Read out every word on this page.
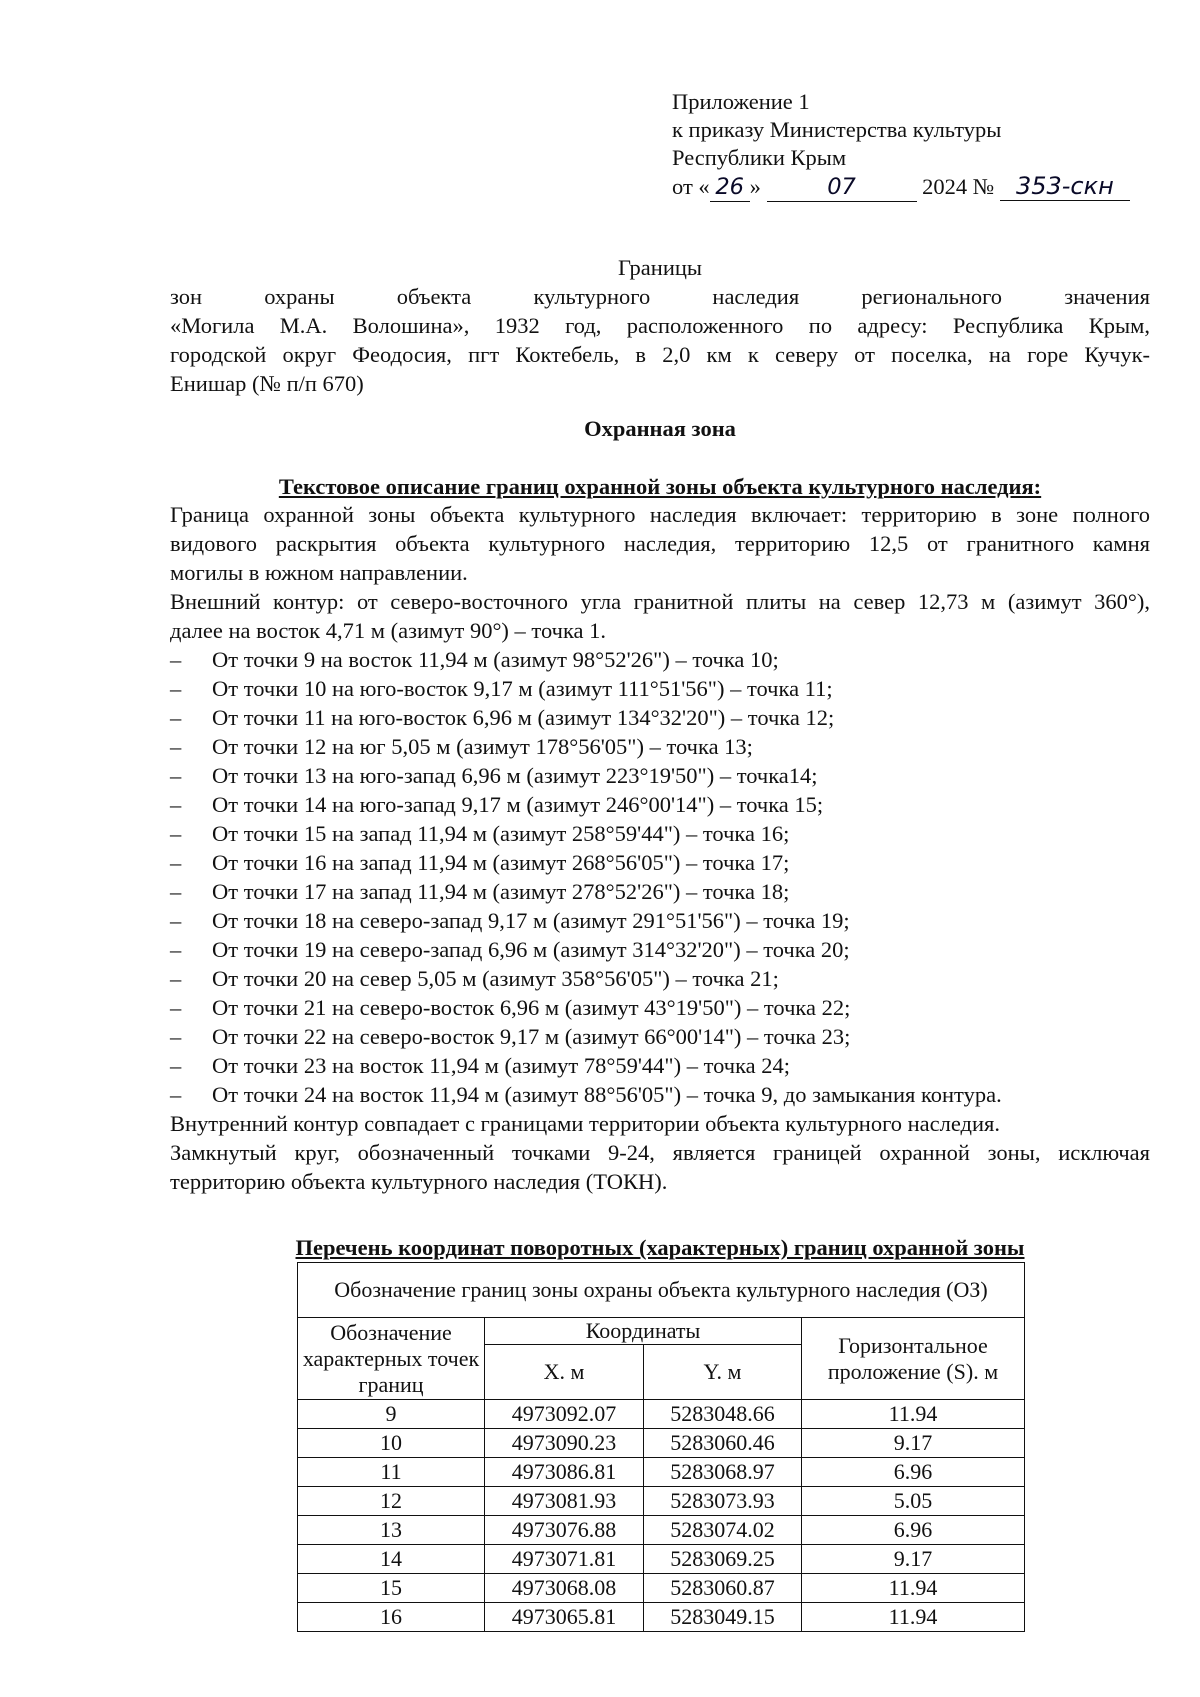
Приложение 1
к приказу Министерства культуры
Республики Крым
от « 26 »	07	2024 № 353-скн
Границы
зон охраны объекта культурного наследия регионального значения
«Могила М.А. Волошина», 1932 год, расположенного по адресу: Республика Крым,
городской округ Феодосия, пгт Коктебель, в 2,0 км к северу от поселка, на горе Кучук-
Енишар (№ п/п 670)
Охранная зона
Текстовое описание границ охранной зоны объекта культурного наследия:
Граница охранной зоны объекта культурного наследия включает: территорию в зоне полного
видового раскрытия объекта культурного наследия, территорию 12,5 от гранитного камня
могилы в южном направлении.
Внешний контур: от северо-восточного угла гранитной плиты на север 12,73 м (азимут 360°),
далее на восток 4,71 м (азимут 90°) – точка 1.
– От точки 9 на восток 11,94 м (азимут 98°52'26") – точка 10;
– От точки 10 на юго-восток 9,17 м (азимут 111°51'56") – точка 11;
– От точки 11 на юго-восток 6,96 м (азимут 134°32'20") – точка 12;
– От точки 12 на юг 5,05 м (азимут 178°56'05") – точка 13;
– От точки 13 на юго-запад 6,96 м (азимут 223°19'50") – точка14;
– От точки 14 на юго-запад 9,17 м (азимут 246°00'14") – точка 15;
– От точки 15 на запад 11,94 м (азимут 258°59'44") – точка 16;
– От точки 16 на запад 11,94 м (азимут 268°56'05") – точка 17;
– От точки 17 на запад 11,94 м (азимут 278°52'26") – точка 18;
– От точки 18 на северо-запад 9,17 м (азимут 291°51'56") – точка 19;
– От точки 19 на северо-запад 6,96 м (азимут 314°32'20") – точка 20;
– От точки 20 на север 5,05 м (азимут 358°56'05") – точка 21;
– От точки 21 на северо-восток 6,96 м (азимут 43°19'50") – точка 22;
– От точки 22 на северо-восток 9,17 м (азимут 66°00'14") – точка 23;
– От точки 23 на восток 11,94 м (азимут 78°59'44") – точка 24;
– От точки 24 на восток 11,94 м (азимут 88°56'05") – точка 9, до замыкания контура.
Внутренний контур совпадает с границами территории объекта культурного наследия.
Замкнутый круг, обозначенный точками 9-24, является границей охранной зоны, исключая
территорию объекта культурного наследия (ТОКН).
Перечень координат поворотных (характерных) границ охранной зоны
Обозначение границ зоны охраны объекта культурного наследия (ОЗ)			
Обозначение характерных точек границ	Координаты		Горизонтальное проложение (S). м
	X. м	Y. м	
9	4973092.07	5283048.66	11.94
10	4973090.23	5283060.46	9.17
11	4973086.81	5283068.97	6.96
12	4973081.93	5283073.93	5.05
13	4973076.88	5283074.02	6.96
14	4973071.81	5283069.25	9.17
15	4973068.08	5283060.87	11.94
16	4973065.81	5283049.15	11.94
